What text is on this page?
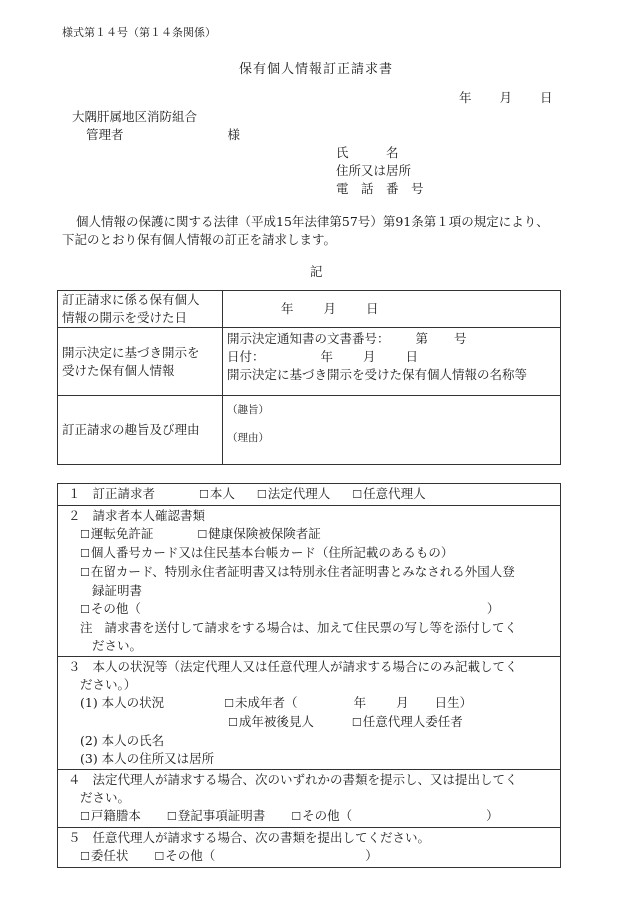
様式第１４号（第１４条関係）
保有個人情報訂正請求書
年 月 日
大隅肝属地区消防組合
管理者	様
氏　　　名
住所又は居所
電　話　番　号
個人情報の保護に関する法律（平成15年法律第57号）第91条第１項の規定により、
下記のとおり保有個人情報の訂正を請求します。
記
訂正請求に係る保有個人
情報の開示を受けた日	年 月 日

開示決定に基づき開示を
受けた保有個人情報	開示決定通知書の文書番号： 第 号
日付： 年 月 日
開示決定に基づき開示を受けた保有個人情報の名称等

訂正請求の趣旨及び理由	（趣旨）
（理由）
１ 訂正請求者	☐本人 ☐法定代理人 ☐任意代理人

２ 請求者本人確認書類
☐運転免許証	☐健康保険被保険者証
☐個人番号カード又は住民基本台帳カード（住所記載のあるもの）
☐在留カード、特別永住者証明書又は特別永住者証明書とみなされる外国人登
録証明書
☐その他（	）
注 請求書を送付して請求をする場合は、加えて住民票の写し等を添付してく
ださい。

３ 本人の状況等（法定代理人又は任意代理人が請求する場合にのみ記載してく
ださい。）
(1) 本人の状況	☐未成年者（	年 月 日生）
☐成年被後見人	☐任意代理人委任者
(2) 本人の氏名
(3) 本人の住所又は居所

４ 法定代理人が請求する場合、次のいずれかの書類を提示し、又は提出してく
ださい。
☐戸籍謄本 ☐登記事項証明書 ☐その他（	）

５ 任意代理人が請求する場合、次の書類を提出してください。
☐委任状 ☐その他（	）
